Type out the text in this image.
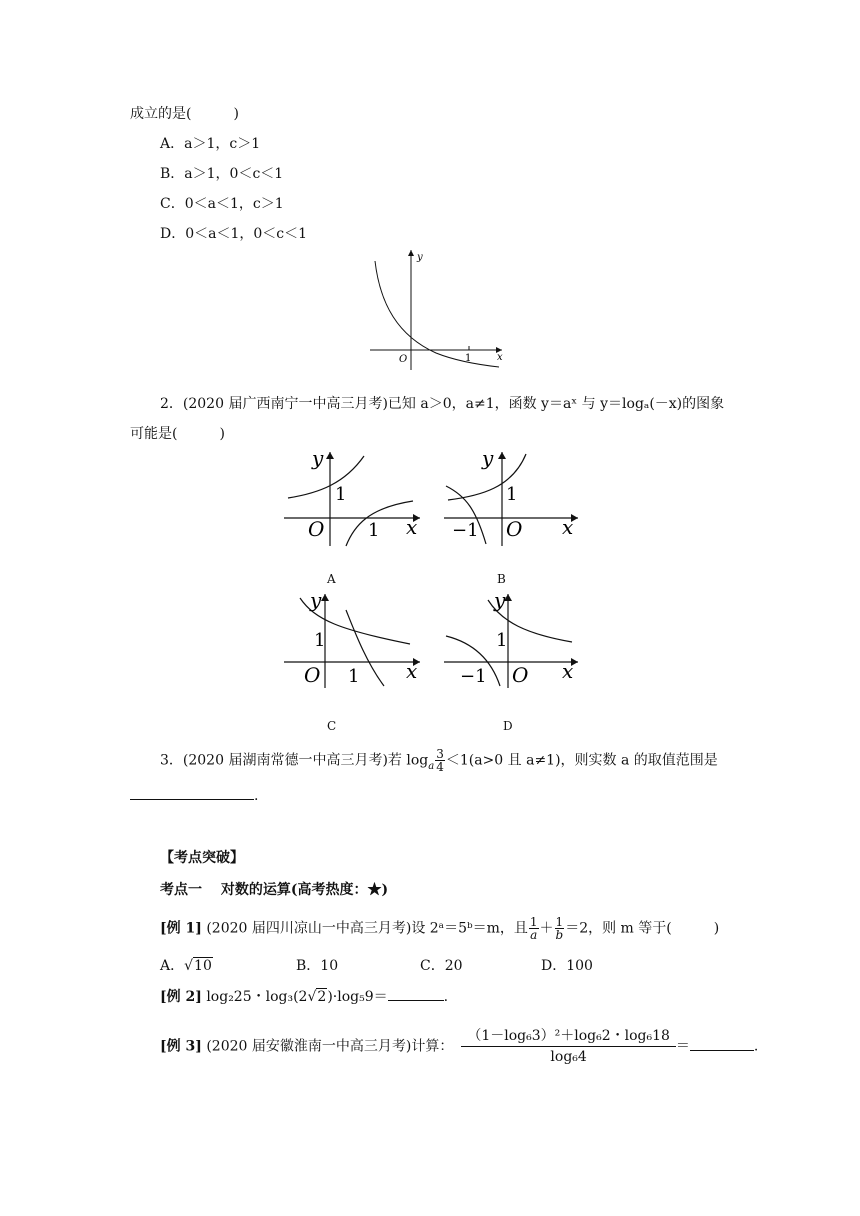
成立的是(　　　)
A．a＞1，c＞1
B．a＞1，0＜c＜1
C．0＜a＜1，c＞1
D．0＜a＜1，0＜c＜1
y
x
O	1
2．(2020 届广西南宁一中高三月考)已知 a＞0，a≠1，函数 y＝aˣ 与 y＝logₐ(－x)的图象
可能是(　　　)
y
x
O
1
1
A
y
x
O
1
−1
B
y
x
O
1
1
C
y
x
O
1
−1
D
3．(2020 届湖南常德一中高三月考)若 $\log_a \frac{3}{4} <1(a>0$ 且 a≠1)，则实数 a 的取值范围是
.
【考点突破】
考点一　 对数的运算(高考热度：★)
[例 1] (2020 届四川凉山一中高三月考)设 2ᵃ＝5ᵇ＝m，且 $\frac{1}{a} + \frac{1}{b} =2$，则 m 等于(　　　)
A．√10	B．10	C．20	D．100
[例 2] log₂25・log₃(2√2)·log₅9＝	.
[例 3] (2020 届安徽淮南一中高三月考)计算： $\frac{\text{（1－log₆3）²＋log₆2・log₆18}}{\text{log₆4}}$ ＝	.
